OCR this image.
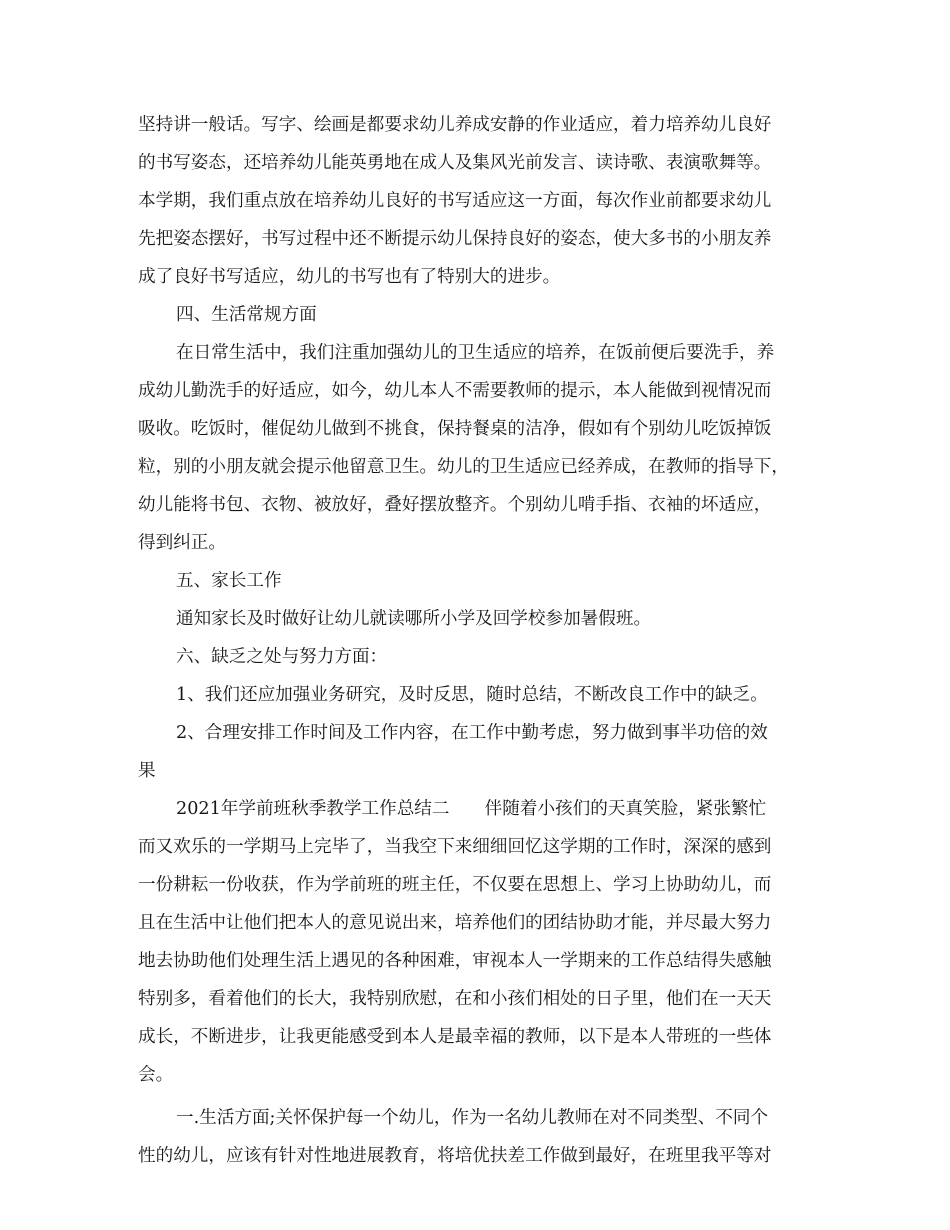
坚持讲一般话。写字、绘画是都要求幼儿养成安静的作业适应，着力培养幼儿良好

的书写姿态，还培养幼儿能英勇地在成人及集风光前发言、读诗歌、表演歌舞等。

本学期，我们重点放在培养幼儿良好的书写适应这一方面，每次作业前都要求幼儿

先把姿态摆好，书写过程中还不断提示幼儿保持良好的姿态，使大多书的小朋友养

成了良好书写适应，幼儿的书写也有了特别大的进步。

四、生活常规方面

在日常生活中，我们注重加强幼儿的卫生适应的培养，在饭前便后要洗手，养

成幼儿勤洗手的好适应，如今，幼儿本人不需要教师的提示，本人能做到视情况而

吸收。吃饭时，催促幼儿做到不挑食，保持餐桌的洁净，假如有个别幼儿吃饭掉饭

粒，别的小朋友就会提示他留意卫生。幼儿的卫生适应已经养成，在教师的指导下，

幼儿能将书包、衣物、被放好，叠好摆放整齐。个别幼儿啃手指、衣袖的坏适应，

得到纠正。

五、家长工作

通知家长及时做好让幼儿就读哪所小学及回学校参加暑假班。

六、缺乏之处与努力方面：

1、我们还应加强业务研究，及时反思，随时总结，不断改良工作中的缺乏。

2、合理安排工作时间及工作内容，在工作中勤考虑，努力做到事半功倍的效

果

2021年学前班秋季教学工作总结二　　伴随着小孩们的天真笑脸，紧张繁忙

而又欢乐的一学期马上完毕了，当我空下来细细回忆这学期的工作时，深深的感到

一份耕耘一份收获，作为学前班的班主任，不仅要在思想上、学习上协助幼儿，而

且在生活中让他们把本人的意见说出来，培养他们的团结协助才能，并尽最大努力

地去协助他们处理生活上遇见的各种困难，审视本人一学期来的工作总结得失感触

特别多，看着他们的长大，我特别欣慰，在和小孩们相处的日子里，他们在一天天

成长，不断进步，让我更能感受到本人是最幸福的教师，以下是本人带班的一些体

会。

一.生活方面;关怀保护每一个幼儿，作为一名幼儿教师在对不同类型、不同个

性的幼儿，应该有针对性地进展教育，将培优扶差工作做到最好，在班里我平等对
